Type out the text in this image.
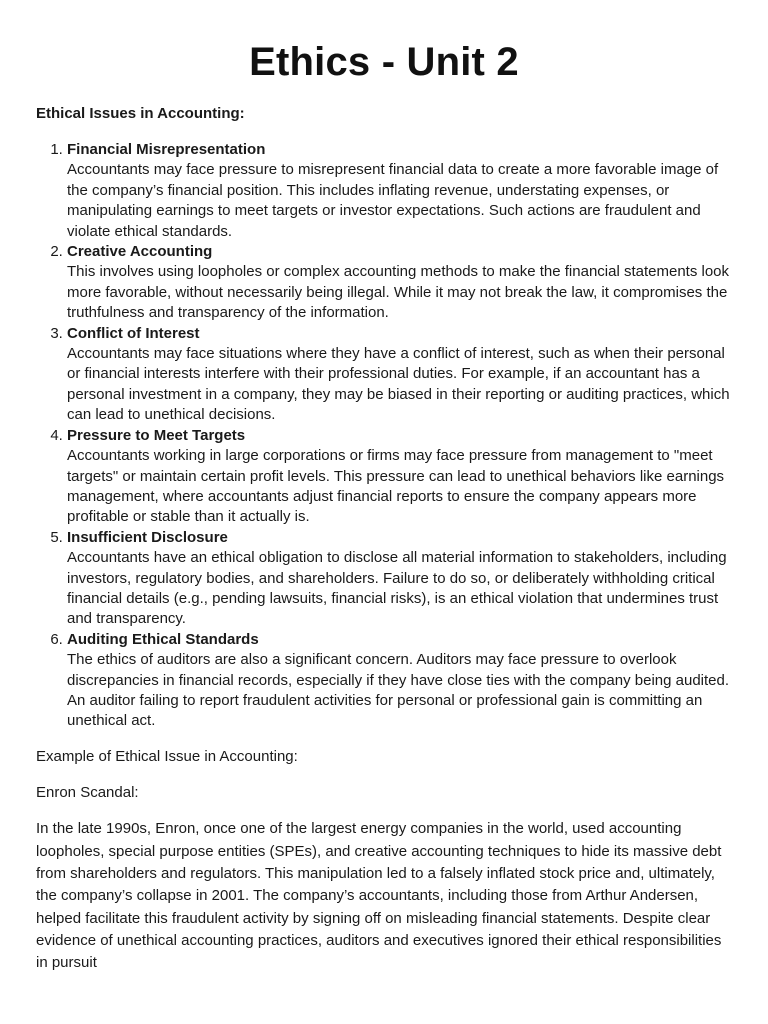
Ethics - Unit 2

Ethical Issues in Accounting:

1. Financial Misrepresentation
Accountants may face pressure to misrepresent financial data to create a more favorable image of the company’s financial position. This includes inflating revenue, understating expenses, or manipulating earnings to meet targets or investor expectations. Such actions are fraudulent and violate ethical standards.
2. Creative Accounting
This involves using loopholes or complex accounting methods to make the financial statements look more favorable, without necessarily being illegal. While it may not break the law, it compromises the truthfulness and transparency of the information.
3. Conflict of Interest
Accountants may face situations where they have a conflict of interest, such as when their personal or financial interests interfere with their professional duties. For example, if an accountant has a personal investment in a company, they may be biased in their reporting or auditing practices, which can lead to unethical decisions.
4. Pressure to Meet Targets
Accountants working in large corporations or firms may face pressure from management to "meet targets" or maintain certain profit levels. This pressure can lead to unethical behaviors like earnings management, where accountants adjust financial reports to ensure the company appears more profitable or stable than it actually is.
5. Insufficient Disclosure
Accountants have an ethical obligation to disclose all material information to stakeholders, including investors, regulatory bodies, and shareholders. Failure to do so, or deliberately withholding critical financial details (e.g., pending lawsuits, financial risks), is an ethical violation that undermines trust and transparency.
6. Auditing Ethical Standards
The ethics of auditors are also a significant concern. Auditors may face pressure to overlook discrepancies in financial records, especially if they have close ties with the company being audited. An auditor failing to report fraudulent activities for personal or professional gain is committing an unethical act.

Example of Ethical Issue in Accounting:

Enron Scandal:

In the late 1990s, Enron, once one of the largest energy companies in the world, used accounting loopholes, special purpose entities (SPEs), and creative accounting techniques to hide its massive debt from shareholders and regulators. This manipulation led to a falsely inflated stock price and, ultimately, the company’s collapse in 2001. The company’s accountants, including those from Arthur Andersen, helped facilitate this fraudulent activity by signing off on misleading financial statements. Despite clear evidence of unethical accounting practices, auditors and executives ignored their ethical responsibilities in pursuit
